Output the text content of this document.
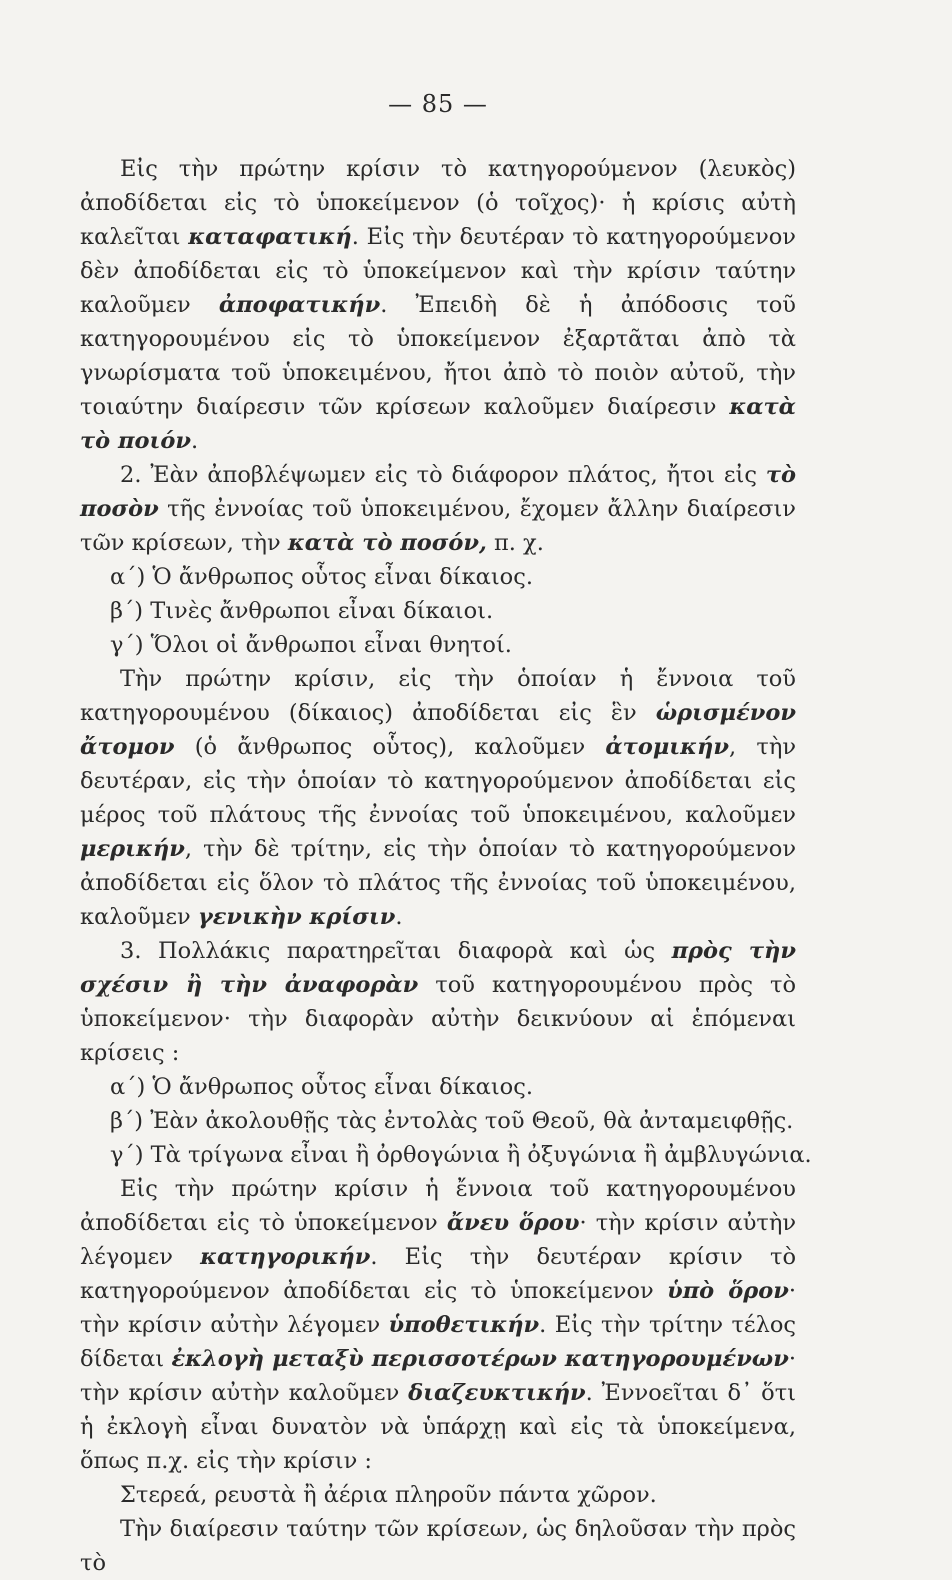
— 85 —

Εἰς τὴν πρώτην κρίσιν τὸ κατηγορούμενον (λευκὸς) ἀποδίδεται εἰς τὸ ὑποκείμενον (ὁ τοῖχος)· ἡ κρίσις αὐτὴ καλεῖται καταφατική. Εἰς τὴν δευτέραν τὸ κατηγορούμενον δὲν ἀποδίδεται εἰς τὸ ὑποκείμενον καὶ τὴν κρίσιν ταύτην καλοῦμεν ἀποφατικήν. Ἐπειδὴ δὲ ἡ ἀπόδοσις τοῦ κατηγορουμένου εἰς τὸ ὑποκείμενον ἐξαρτᾶται ἀπὸ τὰ γνωρίσματα τοῦ ὑποκειμένου, ἤτοι ἀπὸ τὸ ποιὸν αὐτοῦ, τὴν τοιαύτην διαίρεσιν τῶν κρίσεων καλοῦμεν διαίρεσιν κατὰ τὸ ποιόν.

2. Ἐὰν ἀποβλέψωμεν εἰς τὸ διάφορον πλάτος, ἤτοι εἰς τὸ ποσὸν τῆς ἐννοίας τοῦ ὑποκειμένου, ἔχομεν ἄλλην διαίρεσιν τῶν κρίσεων, τὴν κατὰ τὸ ποσόν, π. χ.

α΄) Ὁ ἄνθρωπος οὗτος εἶναι δίκαιος.

β΄) Τινὲς ἄνθρωποι εἶναι δίκαιοι.

γ΄) Ὅλοι οἱ ἄνθρωποι εἶναι θνητοί.

Τὴν πρώτην κρίσιν, εἰς τὴν ὁποίαν ἡ ἔννοια τοῦ κατηγορουμένου (δίκαιος) ἀποδίδεται εἰς ἓν ὡρισμένον ἄτομον (ὁ ἄνθρωπος οὗτος), καλοῦμεν ἀτομικήν, τὴν δευτέραν, εἰς τὴν ὁποίαν τὸ κατηγορούμενον ἀποδίδεται εἰς μέρος τοῦ πλάτους τῆς ἐννοίας τοῦ ὑποκειμένου, καλοῦμεν μερικήν, τὴν δὲ τρίτην, εἰς τὴν ὁποίαν τὸ κατηγορούμενον ἀποδίδεται εἰς ὅλον τὸ πλάτος τῆς ἐννοίας τοῦ ὑποκειμένου, καλοῦμεν γενικὴν κρίσιν.

3. Πολλάκις παρατηρεῖται διαφορὰ καὶ ὡς πρὸς τὴν σχέσιν ἢ τὴν ἀναφορὰν τοῦ κατηγορουμένου πρὸς τὸ ὑποκείμενον· τὴν διαφορὰν αὐτὴν δεικνύουν αἱ ἑπόμεναι κρίσεις :

α΄) Ὁ ἄνθρωπος οὗτος εἶναι δίκαιος.

β΄) Ἐὰν ἀκολουθῇς τὰς ἐντολὰς τοῦ Θεοῦ, θὰ ἀνταμειφθῇς.

γ΄) Τὰ τρίγωνα εἶναι ἢ ὀρθογώνια ἢ ὀξυγώνια ἢ ἀμβλυγώνια.

Εἰς τὴν πρώτην κρίσιν ἡ ἔννοια τοῦ κατηγορουμένου ἀποδίδεται εἰς τὸ ὑποκείμενον ἄνευ ὅρου· τὴν κρίσιν αὐτὴν λέγομεν κατηγορικήν. Εἰς τὴν δευτέραν κρίσιν τὸ κατηγορούμενον ἀποδίδεται εἰς τὸ ὑποκείμενον ὑπὸ ὅρον· τὴν κρίσιν αὐτὴν λέγομεν ὑποθετικήν. Εἰς τὴν τρίτην τέλος δίδεται ἐκλογὴ μεταξὺ περισσοτέρων κατηγορουμένων· τὴν κρίσιν αὐτὴν καλοῦμεν διαζευκτικήν. Ἐννοεῖται δ᾽ ὅτι ἡ ἐκλογὴ εἶναι δυνατὸν νὰ ὑπάρχῃ καὶ εἰς τὰ ὑποκείμενα, ὅπως π.χ. εἰς τὴν κρίσιν :

Στερεά, ρευστὰ ἢ ἀέρια πληροῦν πάντα χῶρον.

Τὴν διαίρεσιν ταύτην τῶν κρίσεων, ὡς δηλοῦσαν τὴν πρὸς τὸ
